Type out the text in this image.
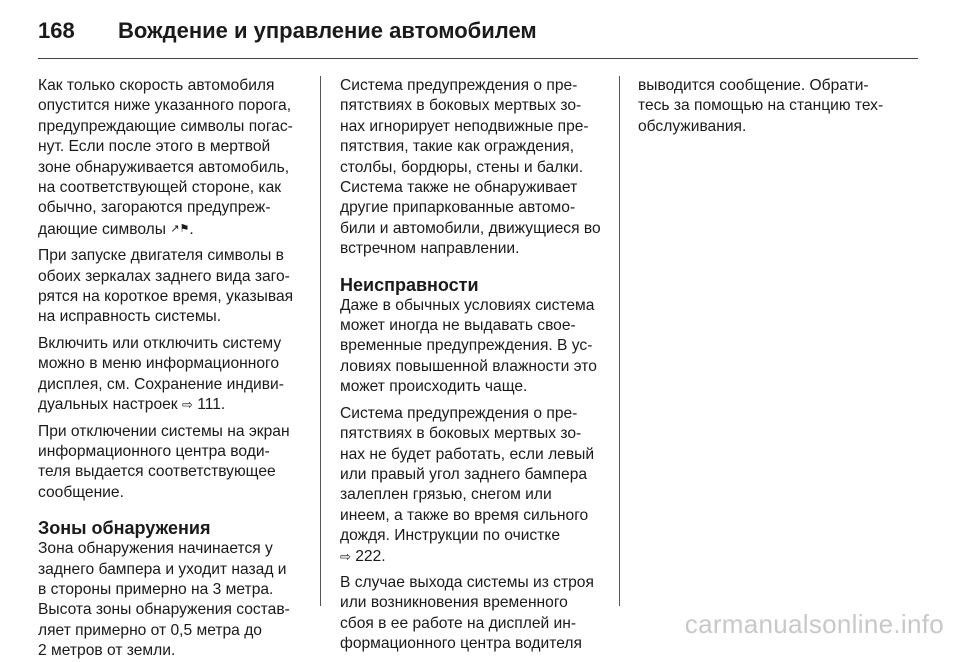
168	Вождение и управление автомобилем
Как только скорость автомобиля
опустится ниже указанного порога,
предупреждающие символы погас-
нут. Если после этого в мертвой
зоне обнаруживается автомобиль,
на соответствующей стороне, как
обычно, загораются предупреж-
дающие символы ↗⚑.
При запуске двигателя символы в
обоих зеркалах заднего вида заго-
рятся на короткое время, указывая
на исправность системы.
Включить или отключить систему
можно в меню информационного
дисплея, см. Сохранение индиви-
дуальных настроек ⇨ 111.
При отключении системы на экран
информационного центра води-
теля выдается соответствующее
сообщение.
Зоны обнаружения
Зона обнаружения начинается у
заднего бампера и уходит назад и
в стороны примерно на 3 метра.
Высота зоны обнаружения состав-
ляет примерно от 0,5 метра до
2 метров от земли.
Система предупреждения о пре-
пятствиях в боковых мертвых зо-
нах игнорирует неподвижные пре-
пятствия, такие как ограждения,
столбы, бордюры, стены и балки.
Система также не обнаруживает
другие припаркованные автомо-
били и автомобили, движущиеся во
встречном направлении.
Неисправности
Даже в обычных условиях система
может иногда не выдавать свое-
временные предупреждения. В ус-
ловиях повышенной влажности это
может происходить чаще.
Система предупреждения о пре-
пятствиях в боковых мертвых зо-
нах не будет работать, если левый
или правый угол заднего бампера
залеплен грязью, снегом или
инеем, а также во время сильного
дождя. Инструкции по очистке
⇨ 222.
В случае выхода системы из строя
или возникновения временного
сбоя в ее работе на дисплей ин-
формационного центра водителя
выводится сообщение. Обрати-
тесь за помощью на станцию тех-
обслуживания.
carmanualsonline.info
